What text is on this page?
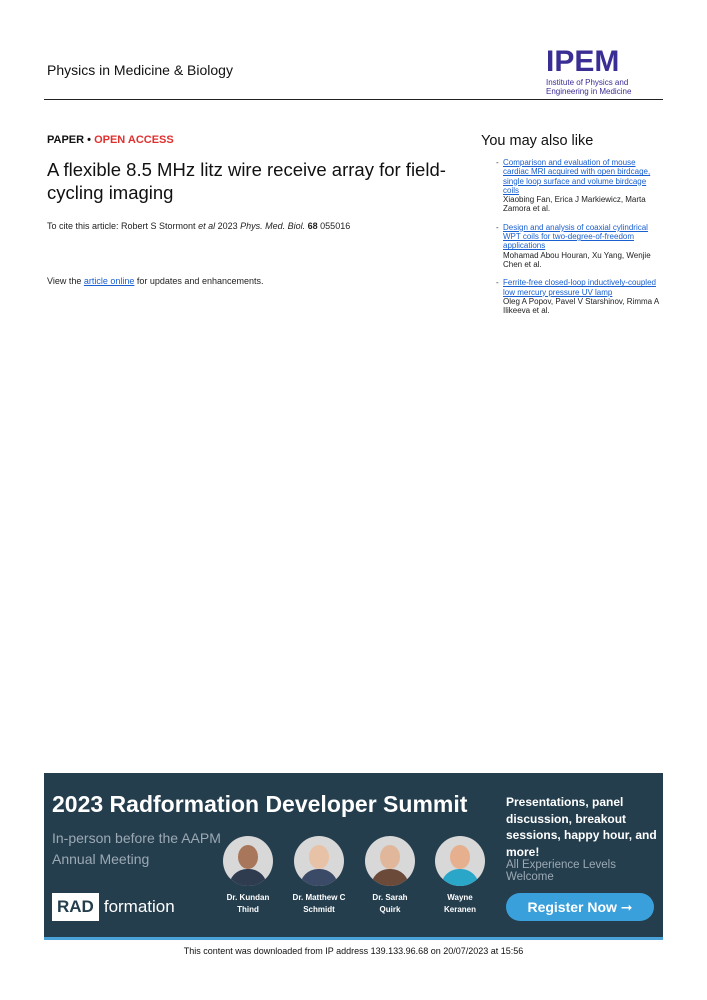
Physics in Medicine & Biology	IPEM
Institute of Physics and
Engineering in Medicine
PAPER • OPEN ACCESS
A flexible 8.5 MHz litz wire receive array for field-cycling imaging
To cite this article: Robert S Stormont et al 2023 Phys. Med. Biol. 68 055016
View the article online for updates and enhancements.
You may also like
- Comparison and evaluation of mouse cardiac MRI acquired with open birdcage, single loop surface and volume birdcage coils
Xiaobing Fan, Erica J Markiewicz, Marta Zamora et al.
- Design and analysis of coaxial cylindrical WPT coils for two-degree-of-freedom applications
Mohamad Abou Houran, Xu Yang, Wenjie Chen et al.
- Ferrite-free closed-loop inductively-coupled low mercury pressure UV lamp
Oleg A Popov, Pavel V Starshinov, Rimma A Ilikeeva et al.
2023 Radformation Developer Summit
In-person before the AAPM Annual Meeting
RAD formation	Dr. Kundan
Thind
Dr. Matthew C
Schmidt
Dr. Sarah
Quirk
Wayne
Keranen
Presentations, panel discussion, breakout sessions, happy hour, and more!
All Experience Levels Welcome
Register Now ➞
This content was downloaded from IP address 139.133.96.68 on 20/07/2023 at 15:56
